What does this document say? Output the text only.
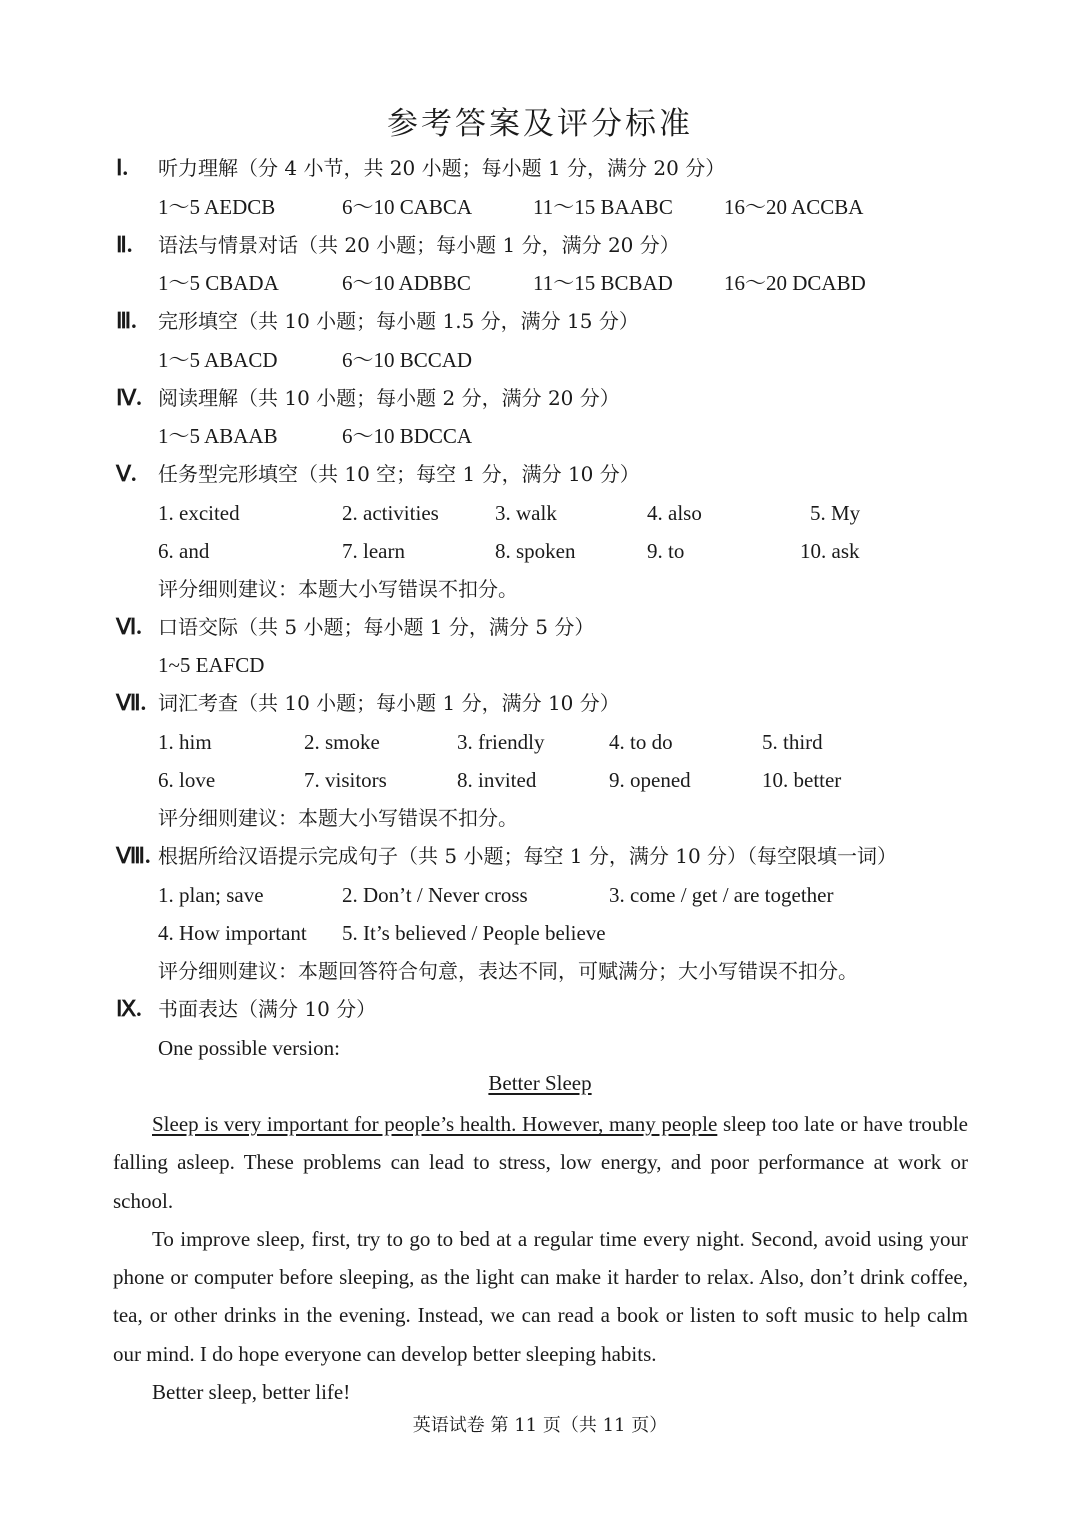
参考答案及评分标准
Ⅰ. 听力理解（分 4 小节，共 20 小题；每小题 1 分，满分 20 分）
1～5 AEDCB	6～10 CABCA	11～15 BAABC 16～20 ACCBA
Ⅱ. 语法与情景对话（共 20 小题；每小题 1 分，满分 20 分）
1～5 CBADA	6～10 ADBBC	11～15 BCBAD 16～20 DCABD
Ⅲ. 完形填空（共 10 小题；每小题 1.5 分，满分 15 分）
1～5 ABACD	6～10 BCCAD
Ⅳ. 阅读理解（共 10 小题；每小题 2 分，满分 20 分）
1～5 ABAAB	6～10 BDCCA
Ⅴ. 任务型完形填空（共 10 空；每空 1 分，满分 10 分）
1. excited	2. activities	3. walk	4. also	5. My
6. and	7. learn	8. spoken	9. to	10. ask
评分细则建议：本题大小写错误不扣分。
Ⅵ. 口语交际（共 5 小题；每小题 1 分，满分 5 分）
1~5 EAFCD
Ⅶ. 词汇考查（共 10 小题；每小题 1 分，满分 10 分）
1. him	2. smoke	3. friendly	4. to do	5. third
6. love	7. visitors	8. invited	9. opened	10. better
评分细则建议：本题大小写错误不扣分。
Ⅷ. 根据所给汉语提示完成句子（共 5 小题；每空 1 分，满分 10 分）（每空限填一词）
1. plan; save	2. Don’t / Never cross	3. come / get / are together
4. How important 5. It’s believed / People believe
评分细则建议：本题回答符合句意，表达不同，可赋满分；大小写错误不扣分。
Ⅸ. 书面表达（满分 10 分）
One possible version:
Better Sleep

Sleep is very important for people’s health. However, many people sleep too late or have trouble falling asleep. These problems can lead to stress, low energy, and poor performance at work or school.

To improve sleep, first, try to go to bed at a regular time every night. Second, avoid using your phone or computer before sleeping, as the light can make it harder to relax. Also, don’t drink coffee, tea, or other drinks in the evening. Instead, we can read a book or listen to soft music to help calm our mind. I do hope everyone can develop better sleeping habits.

Better sleep, better life!

英语试卷 第 11 页（共 11 页）
